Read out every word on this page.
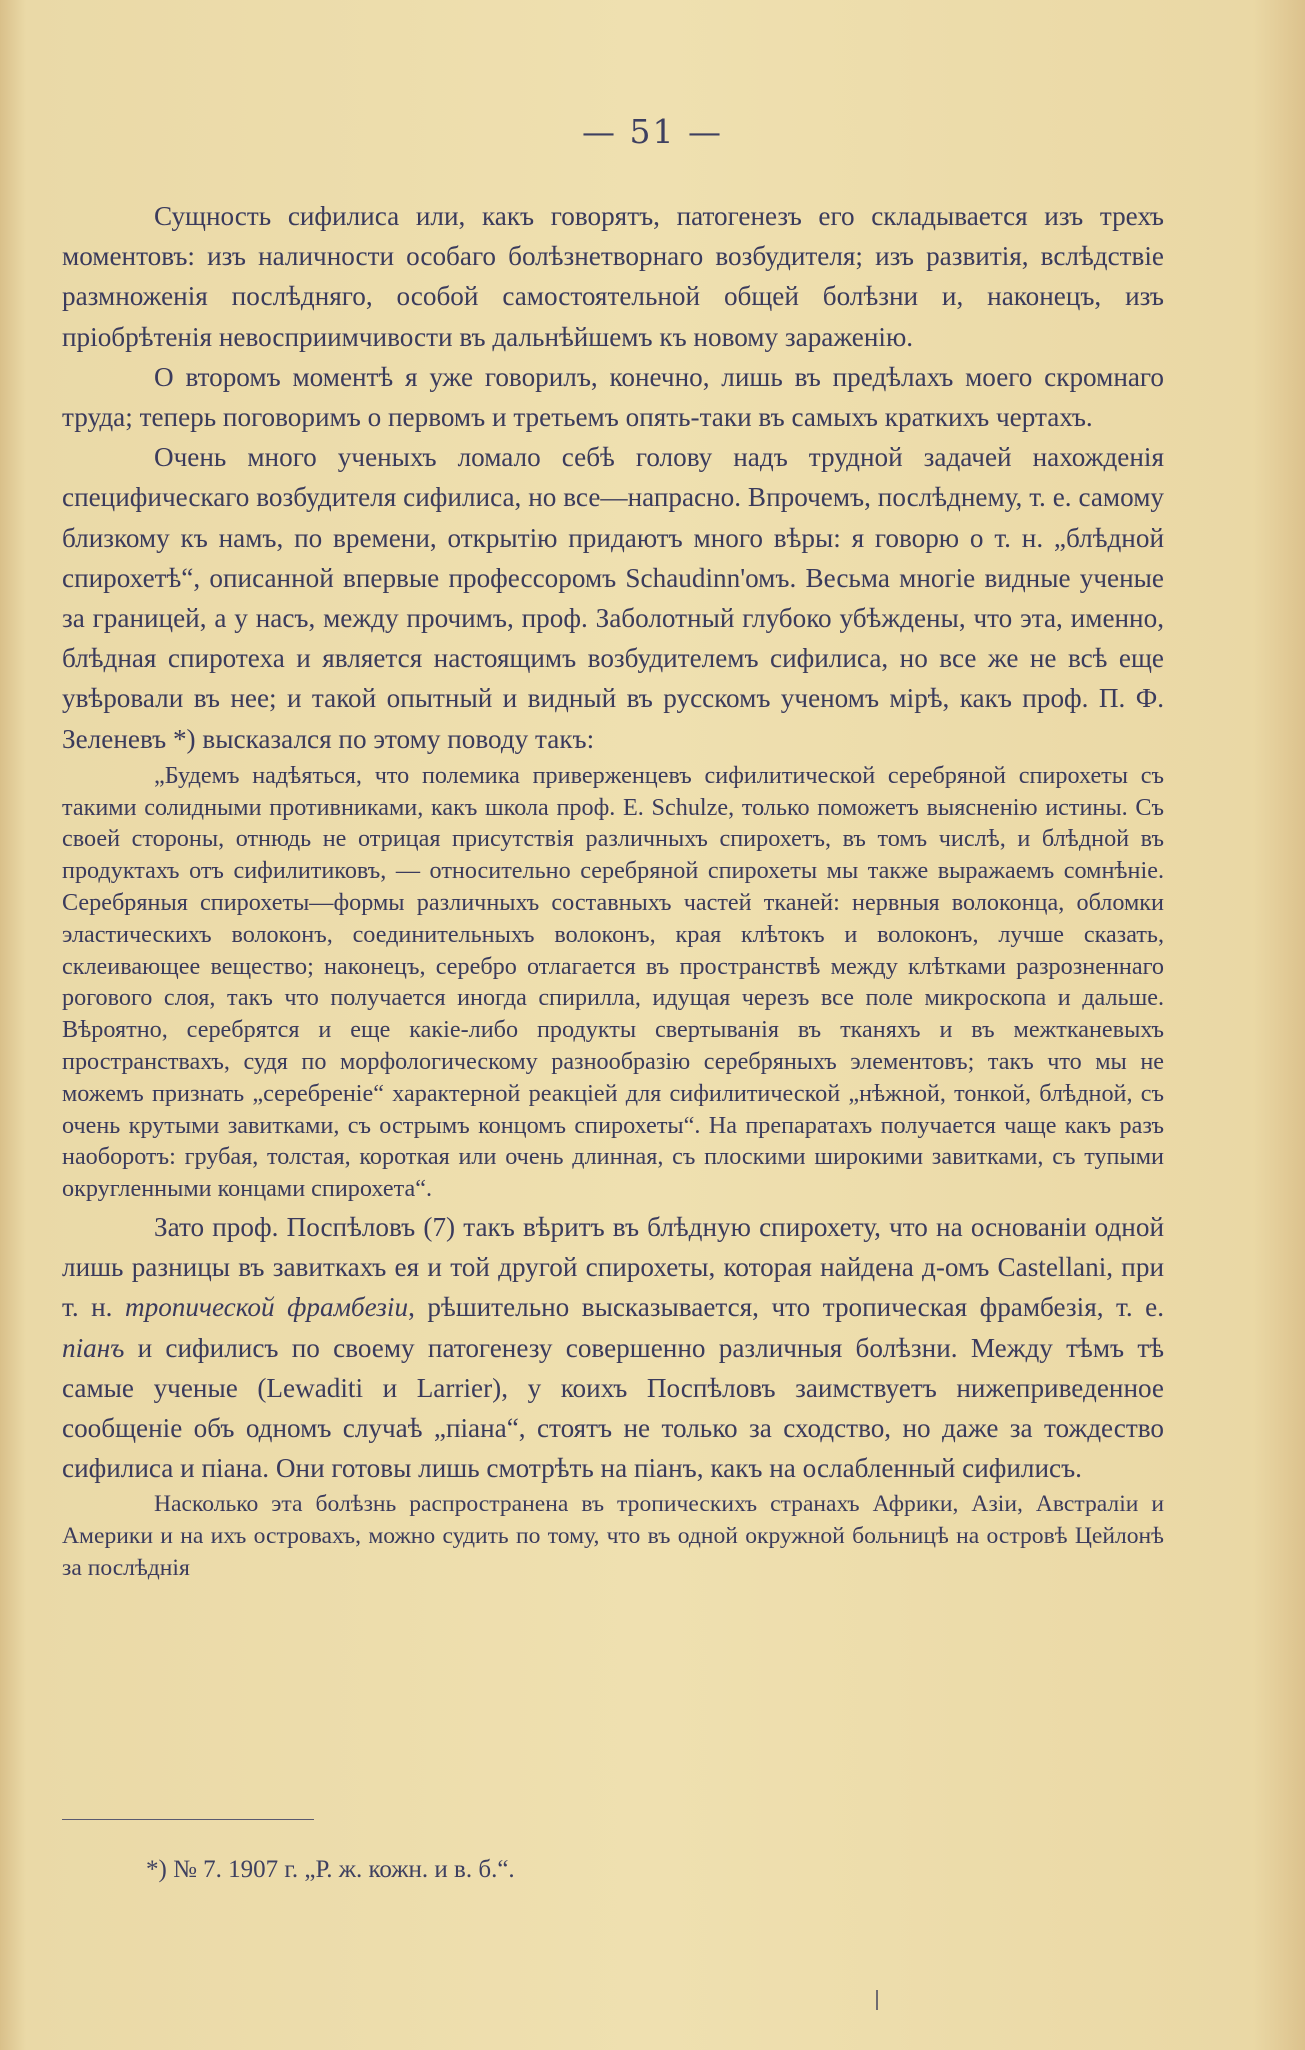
— 51 —

Сущность сифилиса или, какъ говорятъ, патогенезъ его складывается изъ трехъ моментовъ: изъ наличности особаго болѣзнетворнаго возбудителя; изъ развитія, вслѣдствіе размноженія послѣдняго, особой самостоятельной общей болѣзни и, наконецъ, изъ пріобрѣтенія невосприимчивости въ дальнѣйшемъ къ новому зараженію.

О второмъ моментѣ я уже говорилъ, конечно, лишь въ предѣлахъ моего скромнаго труда; теперь поговоримъ о первомъ и третьемъ опять-таки въ самыхъ краткихъ чертахъ.

Очень много ученыхъ ломало себѣ голову надъ трудной задачей нахожденія специфическаго возбудителя сифилиса, но все—напрасно. Впрочемъ, послѣднему, т. е. самому близкому къ намъ, по времени, открытію придаютъ много вѣры: я говорю о т. н. „блѣдной спирохетѣ“, описанной впервые профессоромъ Schaudinn'омъ. Весьма многіе видные ученые за границей, а у насъ, между прочимъ, проф. Заболотный глубоко убѣждены, что эта, именно, блѣдная спиротеха и является настоящимъ возбудителемъ сифилиса, но все же не всѣ еще увѣровали въ нее; и такой опытный и видный въ русскомъ ученомъ мірѣ, какъ проф. П. Ф. Зеленевъ *) высказался по этому поводу такъ:

„Будемъ надѣяться, что полемика приверженцевъ сифилитической серебряной спирохеты съ такими солидными противниками, какъ школа проф. Е. Schulze, только поможетъ выясненію истины. Съ своей стороны, отнюдь не отрицая присутствія различныхъ спирохетъ, въ томъ числѣ, и блѣдной въ продуктахъ отъ сифилитиковъ, — относительно серебряной спирохеты мы также выражаемъ сомнѣніе. Серебряныя спирохеты—формы различныхъ составныхъ частей тканей: нервныя волоконца, обломки эластическихъ волоконъ, соединительныхъ волоконъ, края клѣтокъ и волоконъ, лучше сказать, склеивающее вещество; наконецъ, серебро отлагается въ пространствѣ между клѣтками разрозненнаго рогового слоя, такъ что получается иногда спирилла, идущая черезъ все поле микроскопа и дальше. Вѣроятно, серебрятся и еще какіе-либо продукты свертыванія въ тканяхъ и въ межтканевыхъ пространствахъ, судя по морфологическому разнообразію серебряныхъ элементовъ; такъ что мы не можемъ признать „серебреніе“ характерной реакціей для сифилитической „нѣжной, тонкой, блѣдной, съ очень крутыми завитками, съ острымъ концомъ спирохеты“. На препаратахъ получается чаще какъ разъ наоборотъ: грубая, толстая, короткая или очень длинная, съ плоскими широкими завитками, съ тупыми округленными концами спирохета“.

Зато проф. Поспѣловъ (7) такъ вѣритъ въ блѣдную спирохету, что на основаніи одной лишь разницы въ завиткахъ ея и той другой спирохеты, которая найдена д-омъ Castellani, при т. н. тропической фрамбезіи, рѣшительно высказывается, что тропическая фрамбезія, т. е. піанъ и сифилисъ по своему патогенезу совершенно различныя болѣзни. Между тѣмъ тѣ самые ученые (Lewaditi и Larrier), у коихъ Поспѣловъ заимствуетъ нижеприведенное сообщеніе объ одномъ случаѣ „піана“, стоятъ не только за сходство, но даже за тождество сифилиса и піана. Они готовы лишь смотрѣть на піанъ, какъ на ослабленный сифилисъ.

Насколько эта болѣзнь распространена въ тропическихъ странахъ Африки, Азіи, Австраліи и Америки и на ихъ островахъ, можно судить по тому, что въ одной окружной больницѣ на островѣ Цейлонѣ за послѣднія

*) № 7. 1907 г. „Р. ж. кожн. и в. б.“.
